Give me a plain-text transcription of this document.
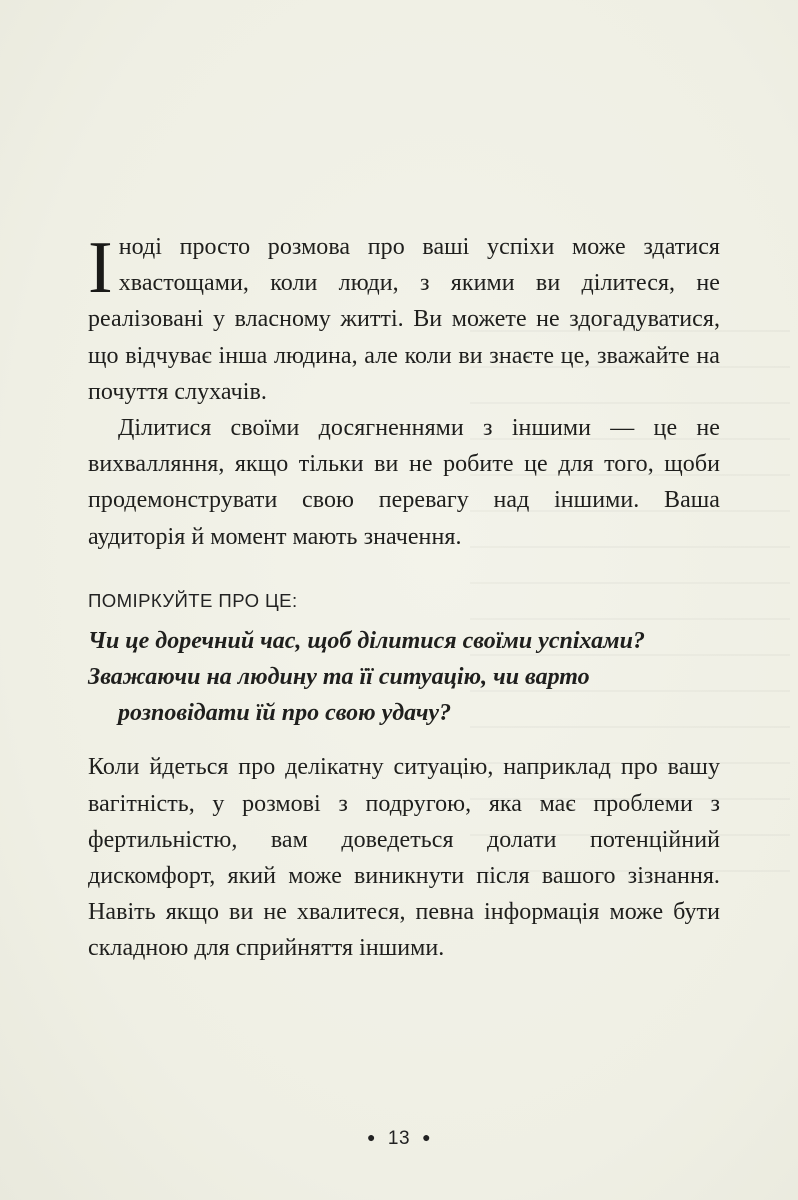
Іноді просто розмова про ваші успіхи може здатися хвастощами, коли люди, з якими ви ділитеся, не реалізовані у власному житті. Ви можете не здогадуватися, що відчуває інша людина, але коли ви знаєте це, зважайте на почуття слухачів.

Ділитися своїми досягненнями з іншими — це не вихвалляння, якщо тільки ви не робите це для того, щоби продемонструвати свою перевагу над іншими. Ваша аудиторія й момент мають значення.

ПОМІРКУЙТЕ ПРО ЦЕ:

Чи це доречний час, щоб ділитися своїми успіхами?

Зважаючи на людину та її ситуацію, чи варто розповідати їй про свою удачу?

Коли йдеться про делікатну ситуацію, наприклад про вашу вагітність, у розмові з подругою, яка має проблеми з фертильністю, вам доведеться долати потенційний дискомфорт, який може виникнути після вашого зізнання. Навіть якщо ви не хвалитеся, певна інформація може бути складною для сприйняття іншими.

● 13 ●
